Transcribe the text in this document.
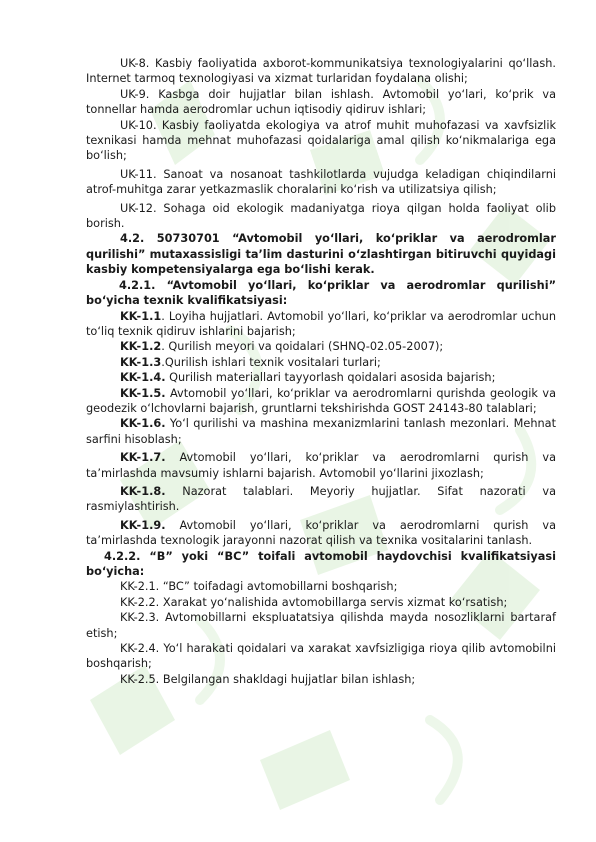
UK-8. Kasbiy faoliyatida axborot-kommunikatsiya texnologiyalarini qo‘llash. Internet tarmoq texnologiyasi va xizmat turlaridan foydalana olishi;

UK-9. Kasbga doir hujjatlar bilan ishlash. Avtomobil yo‘lari, ko‘prik va tonnellar hamda aerodromlar uchun iqtisodiy qidiruv ishlari;

UK-10. Kasbiy faoliyatda ekologiya va atrof muhit muhofazasi va xavfsizlik texnikasi hamda mehnat muhofazasi qoidalariga amal qilish ko‘nikmalariga ega bo‘lish;

UK-11. Sanoat va nosanoat tashkilotlarda vujudga keladigan chiqindilarni atrof-muhitga zarar yetkazmaslik choralarini ko‘rish va utilizatsiya qilish;

UK-12. Sohaga oid ekologik madaniyatga rioya qilgan holda faoliyat olib borish.

4.2. 50730701 “Avtomobil yo‘llari, ko‘priklar va aerodromlar qurilishi” mutaxassisligi ta’lim dasturini o‘zlashtirgan bitiruvchi quyidagi kasbiy kompetensiyalarga ega bo‘lishi kerak.

4.2.1. “Avtomobil yo‘llari, ko‘priklar va aerodromlar qurilishi” bo‘yicha texnik kvalifikatsiyasi:

KK-1.1. Loyiha hujjatlari. Avtomobil yo‘llari, ko‘priklar va aerodromlar uchun to‘liq texnik qidiruv ishlarini bajarish;

KK-1.2. Qurilish meyori va qoidalari (SHNQ-02.05-2007);

KK-1.3.Qurilish ishlari texnik vositalari turlari;

KK-1.4. Qurilish materiallari tayyorlash qoidalari asosida bajarish;

KK-1.5. Avtomobil yo‘llari, ko‘priklar va aerodromlarni qurishda geologik va geodezik o‘lchovlarni bajarish, gruntlarni tekshirishda GOST 24143-80 talablari;

KK-1.6. Yo‘l qurilishi va mashina mexanizmlarini tanlash mezonlari. Mehnat sarfini hisoblash;

KK-1.7. Avtomobil yo‘llari, ko‘priklar va aerodromlarni qurish va ta’mirlashda mavsumiy ishlarni bajarish. Avtomobil yo‘llarini jixozlash;

KK-1.8. Nazorat talablari. Meyoriy hujjatlar. Sifat nazorati va rasmiylashtirish.

KK-1.9. Avtomobil yo‘llari, ko‘priklar va aerodromlarni qurish va ta’mirlashda texnologik jarayonni nazorat qilish va texnika vositalarini tanlash.

4.2.2. “B” yoki “BC” toifali avtomobil haydovchisi kvalifikatsiyasi bo‘yicha:

KK-2.1. “BC” toifadagi avtomobillarni boshqarish;

KK-2.2. Xarakat yo‘nalishida avtomobillarga servis xizmat ko‘rsatish;

KK-2.3. Avtomobillarni ekspluatatsiya qilishda mayda nosozliklarni bartaraf etish;

KK-2.4. Yo‘l harakati qoidalari va xarakat xavfsizligiga rioya qilib avtomobilni boshqarish;

KK-2.5. Belgilangan shakldagi hujjatlar bilan ishlash;
